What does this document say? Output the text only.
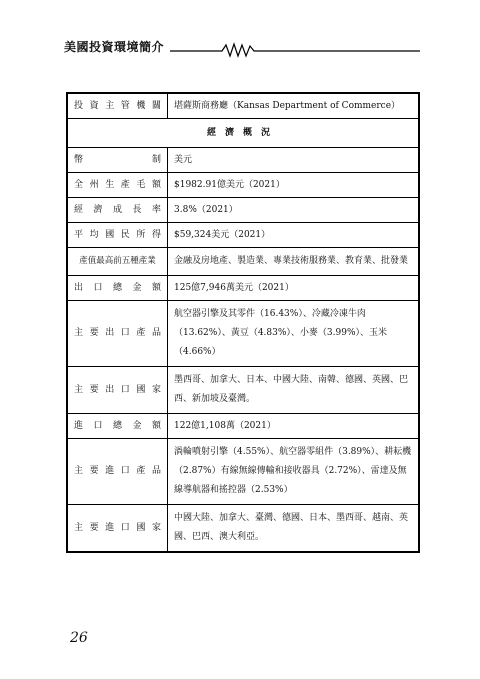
美國投資環境簡介
投資主管機關	堪薩斯商務廳（Kansas Department of Commerce）
經濟概況	
幣制	美元
全州生產毛額	$1982.91億美元（2021）
經濟成長率	3.8%（2021）
平均國民所得	$59,324美元（2021）
產值最高前五種產業	金融及房地產、製造業、專業技術服務業、教育業、批發業
出口總金額	125億7,946萬美元（2021）
主要出口產品	航空器引擎及其零件（16.43%）、冷藏冷凍牛肉（13.62%）、黃豆（4.83%）、小麥（3.99%）、玉米（4.66%）
主要出口國家	墨西哥、加拿大、日本、中國大陸、南韓、德國、英國、巴西、新加坡及臺灣。
進口總金額	122億1,108萬（2021）
主要進口產品	渦輪噴射引擎（4.55%）、航空器零組件（3.89%）、耕耘機（2.87%）有線無線傳輸和接收器具（2.72%）、雷達及無線導航器和搖控器（2.53%）
主要進口國家	中國大陸、加拿大、臺灣、德國、日本、墨西哥、越南、英國、巴西、澳大利亞。
26
